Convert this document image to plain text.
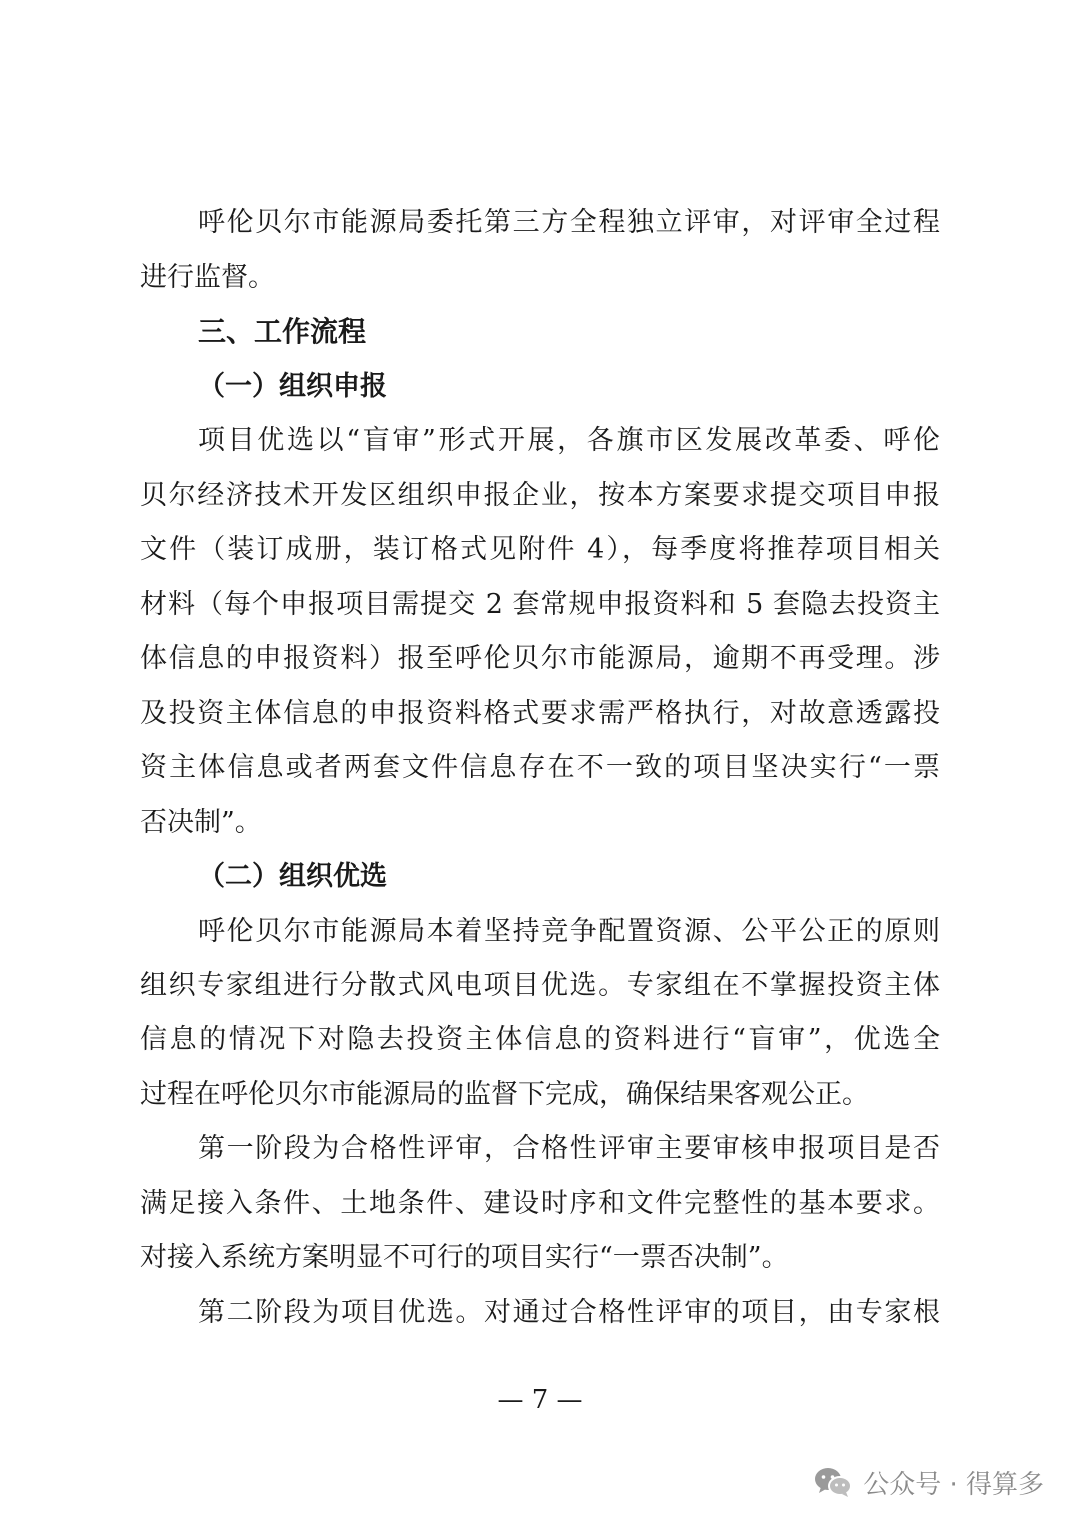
呼伦贝尔市能源局委托第三方全程独立评审，对评审全过程
进行监督。
三、工作流程
（一）组织申报
项目优选以“盲审”形式开展，各旗市区发展改革委、呼伦
贝尔经济技术开发区组织申报企业，按本方案要求提交项目申报
文件（装订成册，装订格式见附件 4），每季度将推荐项目相关
材料（每个申报项目需提交 2 套常规申报资料和 5 套隐去投资主
体信息的申报资料）报至呼伦贝尔市能源局，逾期不再受理。涉
及投资主体信息的申报资料格式要求需严格执行，对故意透露投
资主体信息或者两套文件信息存在不一致的项目坚决实行“一票
否决制”。
（二）组织优选
呼伦贝尔市能源局本着坚持竞争配置资源、公平公正的原则
组织专家组进行分散式风电项目优选。专家组在不掌握投资主体
信息的情况下对隐去投资主体信息的资料进行“盲审”，优选全
过程在呼伦贝尔市能源局的监督下完成，确保结果客观公正。
第一阶段为合格性评审，合格性评审主要审核申报项目是否
满足接入条件、土地条件、建设时序和文件完整性的基本要求。
对接入系统方案明显不可行的项目实行“一票否决制”。
第二阶段为项目优选。对通过合格性评审的项目，由专家根
— 7 —
公众号 · 得算多
